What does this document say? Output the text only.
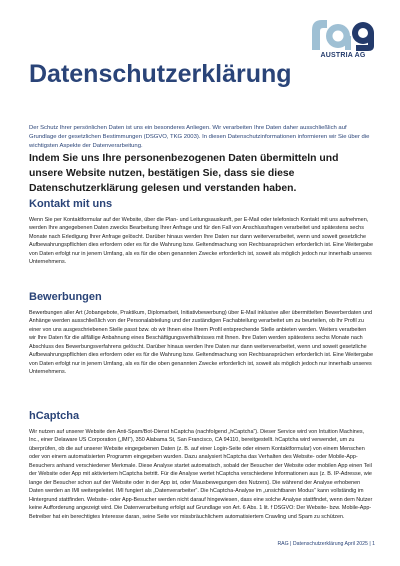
AUSTRIA AG
Datenschutzerklärung

Der Schutz Ihrer persönlichen Daten ist uns ein besonderes Anliegen. Wir verarbeiten Ihre Daten daher ausschließlich auf Grundlage der gesetzlichen Bestimmungen (DSGVO, TKG 2003). In diesen Datenschutzinformationen informieren wir Sie über die wichtigsten Aspekte der Datenverarbeitung.

Indem Sie uns Ihre personenbezogenen Daten übermitteln und unsere Website nutzen, bestätigen Sie, dass sie diese Datenschutzerklärung gelesen und verstanden haben.

Kontakt mit uns

Wenn Sie per Kontaktformular auf der Website, über die Plan- und Leitungsauskunft, per E-Mail oder telefonisch Kontakt mit uns aufnehmen, werden Ihre angegebenen Daten zwecks Bearbeitung Ihrer Anfrage und für den Fall von Anschlussfragen verarbeitet und spätestens sechs Monate nach Erledigung Ihrer Anfrage gelöscht. Darüber hinaus werden Ihre Daten nur dann weiterverarbeitet, wenn und soweit gesetzliche Aufbewahrungspflichten dies erfordern oder es für die Wahrung bzw. Geltendmachung von Rechtsansprüchen erforderlich ist. Eine Weitergabe von Daten erfolgt nur in jenem Umfang, als es für die oben genannten Zwecke erforderlich ist, soweit als möglich jedoch nur innerhalb unseres Unternehmens.

Bewerbungen

Bewerbungen aller Art (Jobangebote, Praktikum, Diplomarbeit, Initiativbewerbung) über E-Mail inklusive aller übermittelten Bewerberdaten und Anhänge werden ausschließlich von der Personalabteilung und der zuständigen Fachabteilung verarbeitet um zu beurteilen, ob Ihr Profil zu einer von uns ausgeschriebenen Stelle passt bzw. ob wir Ihnen eine Ihrem Profil entsprechende Stelle anbieten werden. Weiters verarbeiten wir Ihre Daten für die allfällige Anbahnung eines Beschäftigungsverhältnisses mit Ihnen. Ihre Daten werden spätestens sechs Monate nach Abschluss des Bewerbungsverfahrens gelöscht. Darüber hinaus werden Ihre Daten nur dann weiterverarbeitet, wenn und soweit gesetzliche Aufbewahrungspflichten dies erfordern oder es für die Wahrung bzw. Geltendmachung von Rechtsansprüchen erforderlich ist. Eine Weitergabe von Daten erfolgt nur in jenem Umfang, als es für die oben genannten Zwecke erforderlich ist, soweit als möglich jedoch nur innerhalb unseres Unternehmens.

hCaptcha

Wir nutzen auf unserer Website den Anti-Spam/Bot-Dienst hCaptcha (nachfolgend „hCaptcha“). Dieser Service wird von Intuition Machines, Inc., einer Delaware US Corporation („IMI“), 350 Alabama St, San Francisco, CA 94110, bereitgestellt. hCaptcha wird verwendet, um zu überprüfen, ob die auf unserer Website eingegebenen Daten (z. B. auf einer Login-Seite oder einem Kontaktformular) von einem Menschen oder von einem automatisierten Programm eingegeben wurden. Dazu analysiert hCaptcha das Verhalten des Website- oder Mobile-App-Besuchers anhand verschiedener Merkmale. Diese Analyse startet automatisch, sobald der Besucher der Website oder mobilen App einen Teil der Website oder App mit aktiviertem hCaptcha betritt. Für die Analyse wertet hCaptcha verschiedene Informationen aus (z. B. IP-Adresse, wie lange der Besucher schon auf der Website oder in der App ist, oder Mausbewegungen des Nutzers). Die während der Analyse erhobenen Daten werden an IMI weitergeleitet. IMI fungiert als „Datenverarbeiter“. Die hCaptcha-Analyse im „unsichtbaren Modus“ kann vollständig im Hintergrund stattfinden. Website- oder App-Besucher werden nicht darauf hingewiesen, dass eine solche Analyse stattfindet, wenn dem Nutzer keine Aufforderung angezeigt wird. Die Datenverarbeitung erfolgt auf Grundlage von Art. 6 Abs. 1 lit. f DSGVO: Der Website- bzw. Mobile-App-Betreiber hat ein berechtigtes Interesse daran, seine Seite vor missbräuchlichem automatisiertem Crawling und Spam zu schützen.

RAG | Datenschutzerklärung April 2025 | 1
